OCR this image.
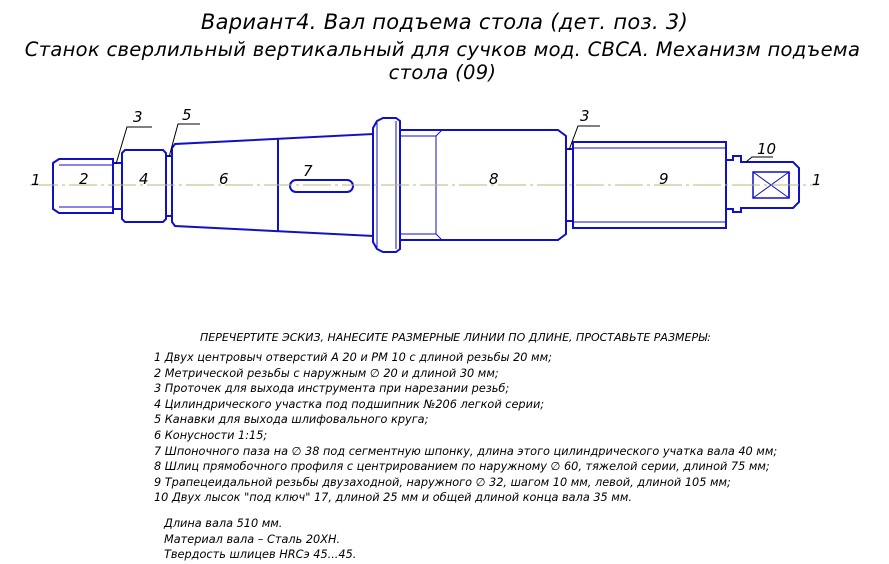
Вариант4. Вал подъема стола (дет. поз. 3)
Станок сверлильный вертикальный для сучков мод. СВСА. Механизм подъема стола (09)
1	2
3
4
5
6	7	8
3
9
10
1
ПЕРЕЧЕРТИТЕ ЭСКИЗ, НАНЕСИТЕ РАЗМЕРНЫЕ ЛИНИИ ПО ДЛИНЕ, ПРОСТАВЬТЕ РАЗМЕРЫ:
1 Двух центровыч отверстий А 20 и РМ 10 с длиной резьбы 20 мм;
2 Метрической резьбы с наружным ∅ 20 и длиной 30 мм;
3 Проточек для выхода инструмента при нарезании резьб;
4 Цилиндрического участка под подшипник №206 легкой серии;
5 Канавки для выхода шлифовального круга;
6 Конусности 1:15;
7 Шпоночного паза на ∅ 38 под сегментную шпонку, длина этого цилиндрического учатка вала 40 мм;
8 Шлиц прямобочного профиля с центрированием по наружному ∅ 60, тяжелой серии, длиной 75 мм;
9 Трапецеидальной резьбы двузаходной, наружного ∅ 32, шагом 10 мм, левой, длиной 105 мм;
10 Двух лысок "под ключ" 17, длиной 25 мм и общей длиной конца вала 35 мм.
Длина вала 510 мм.
Материал вала – Сталь 20ХН.
Твердость шлицев HRCэ 45...45.
